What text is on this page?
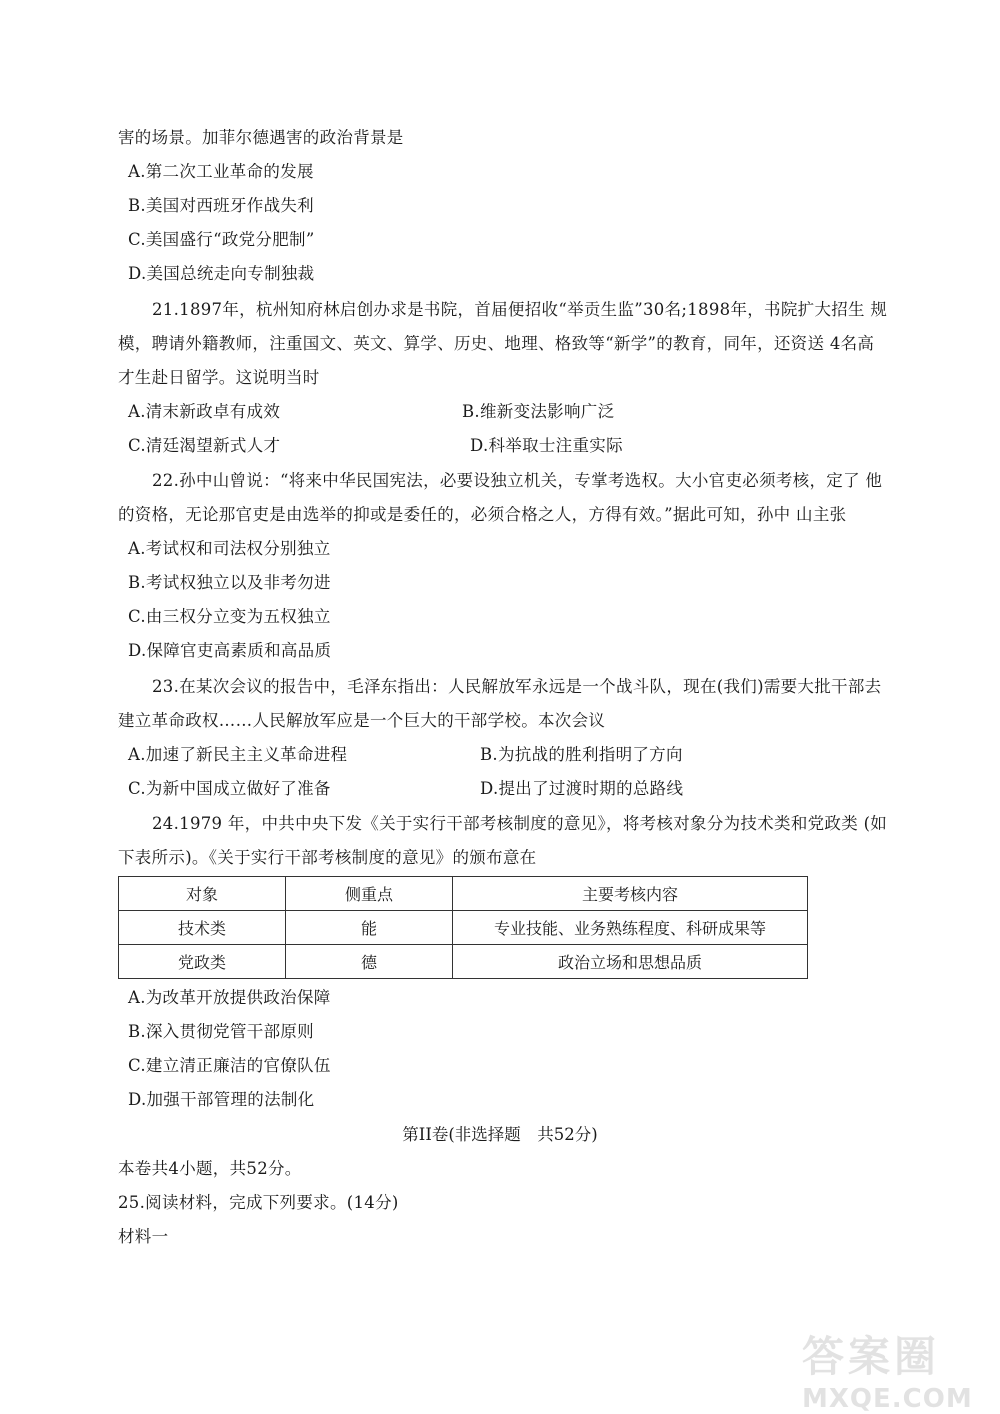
害的场景。加菲尔德遇害的政治背景是
A.第二次工业革命的发展
B.美国对西班牙作战失利
C.美国盛行“政党分肥制”
D.美国总统走向专制独裁
21.1897年，杭州知府林启创办求是书院，首届便招收“举贡生监”30名;1898年，书院扩大招生 规
模，聘请外籍教师，注重国文、英文、算学、历史、地理、格致等“新学”的教育，同年，还资送 4名高
才生赴日留学。这说明当时
A.清末新政卓有成效	B.维新变法影响广泛
C.清廷渴望新式人才	D.科举取士注重实际
22.孙中山曾说：“将来中华民国宪法，必要设独立机关，专掌考选权。大小官吏必须考核，定了 他
的资格，无论那官吏是由选举的抑或是委任的，必须合格之人，方得有效。”据此可知，孙中 山主张
A.考试权和司法权分别独立
B.考试权独立以及非考勿进
C.由三权分立变为五权独立
D.保障官吏高素质和高品质
23.在某次会议的报告中，毛泽东指出：人民解放军永远是一个战斗队，现在(我们)需要大批干部去
建立革命政权……人民解放军应是一个巨大的干部学校。本次会议
A.加速了新民主主义革命进程	B.为抗战的胜利指明了方向
C.为新中国成立做好了准备	D.提出了过渡时期的总路线
24.1979 年，中共中央下发《关于实行干部考核制度的意见》，将考核对象分为技术类和党政类 (如
下表所示)。《关于实行干部考核制度的意见》的颁布意在
对象	侧重点	主要考核内容
技术类	能	专业技能、业务熟练程度、科研成果等
党政类	德	政治立场和思想品质
A.为改革开放提供政治保障
B.深入贯彻党管干部原则
C.建立清正廉洁的官僚队伍
D.加强干部管理的法制化
第II卷(非选择题　共52分)
本卷共4小题，共52分。
25.阅读材料，完成下列要求。(14分)
材料一
答案圈
MXQE.COM
